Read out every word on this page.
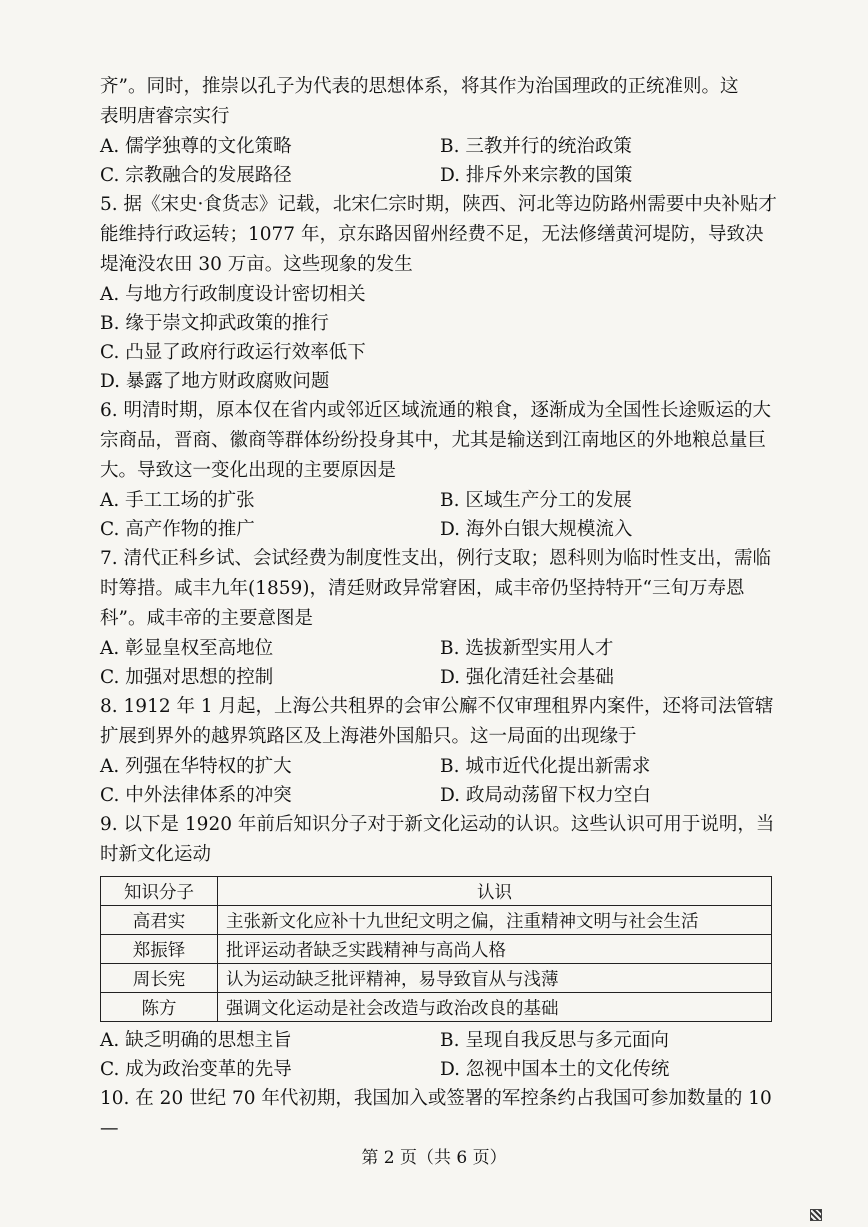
齐”。同时，推崇以孔子为代表的思想体系，将其作为治国理政的正统准则。这

表明唐睿宗实行

A. 儒学独尊的文化策略	B. 三教并行的统治政策
C. 宗教融合的发展路径	D. 排斥外来宗教的国策

5. 据《宋史·食货志》记载，北宋仁宗时期，陕西、河北等边防路州需要中央补贴才能维持行政运转；1077 年，京东路因留州经费不足，无法修缮黄河堤防，导致决堤淹没农田 30 万亩。这些现象的发生

A. 与地方行政制度设计密切相关
B. 缘于崇文抑武政策的推行
C. 凸显了政府行政运行效率低下
D. 暴露了地方财政腐败问题

6. 明清时期，原本仅在省内或邻近区域流通的粮食，逐渐成为全国性长途贩运的大宗商品，晋商、徽商等群体纷纷投身其中，尤其是输送到江南地区的外地粮总量巨大。导致这一变化出现的主要原因是

A. 手工工场的扩张	B. 区域生产分工的发展
C. 高产作物的推广	D. 海外白银大规模流入

7. 清代正科乡试、会试经费为制度性支出，例行支取；恩科则为临时性支出，需临时筹措。咸丰九年(1859)，清廷财政异常窘困，咸丰帝仍坚持特开“三旬万寿恩科”。咸丰帝的主要意图是

A. 彰显皇权至高地位	B. 选拔新型实用人才
C. 加强对思想的控制	D. 强化清廷社会基础

8. 1912 年 1 月起，上海公共租界的会审公廨不仅审理租界内案件，还将司法管辖扩展到界外的越界筑路区及上海港外国船只。这一局面的出现缘于

A. 列强在华特权的扩大	B. 城市近代化提出新需求
C. 中外法律体系的冲突	D. 政局动荡留下权力空白

9. 以下是 1920 年前后知识分子对于新文化运动的认识。这些认识可用于说明，当时新文化运动

知识分子	认识
高君实	主张新文化应补十九世纪文明之偏，注重精神文明与社会生活
郑振铎	批评运动者缺乏实践精神与高尚人格
周长宪	认为运动缺乏批评精神，易导致盲从与浅薄
陈方	强调文化运动是社会改造与政治改良的基础
A. 缺乏明确的思想主旨	B. 呈现自我反思与多元面向
C. 成为政治变革的先导	D. 忽视中国本土的文化传统

10. 在 20 世纪 70 年代初期，我国加入或签署的军控条约占我国可参加数量的 10—

第 2 页（共 6 页）
